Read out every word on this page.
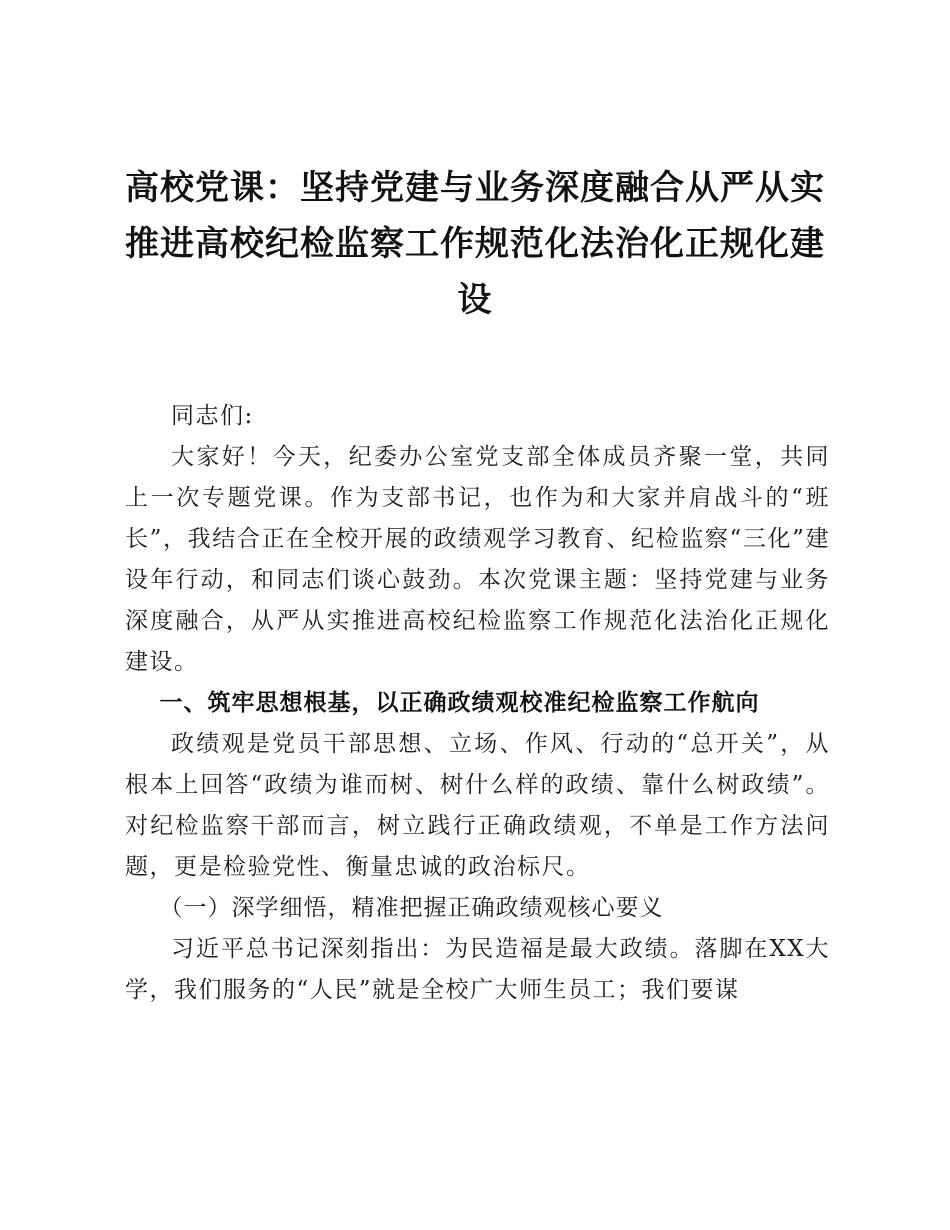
高校党课：坚持党建与业务深度融合从严从实推进高校纪检监察工作规范化法治化正规化建设

同志们:

大家好！今天，纪委办公室党支部全体成员齐聚一堂，共同上一次专题党课。作为支部书记，也作为和大家并肩战斗的“班长”，我结合正在全校开展的政绩观学习教育、纪检监察“三化”建设年行动，和同志们谈心鼓劲。本次党课主题：坚持党建与业务深度融合，从严从实推进高校纪检监察工作规范化法治化正规化建设。

一、筑牢思想根基，以正确政绩观校准纪检监察工作航向

政绩观是党员干部思想、立场、作风、行动的“总开关”，从根本上回答“政绩为谁而树、树什么样的政绩、靠什么树政绩”。对纪检监察干部而言，树立践行正确政绩观，不单是工作方法问题，更是检验党性、衡量忠诚的政治标尺。

（一）深学细悟，精准把握正确政绩观核心要义

习近平总书记深刻指出：为民造福是最大政绩。落脚在XX大学，我们服务的“人民”就是全校广大师生员工；我们要谋
